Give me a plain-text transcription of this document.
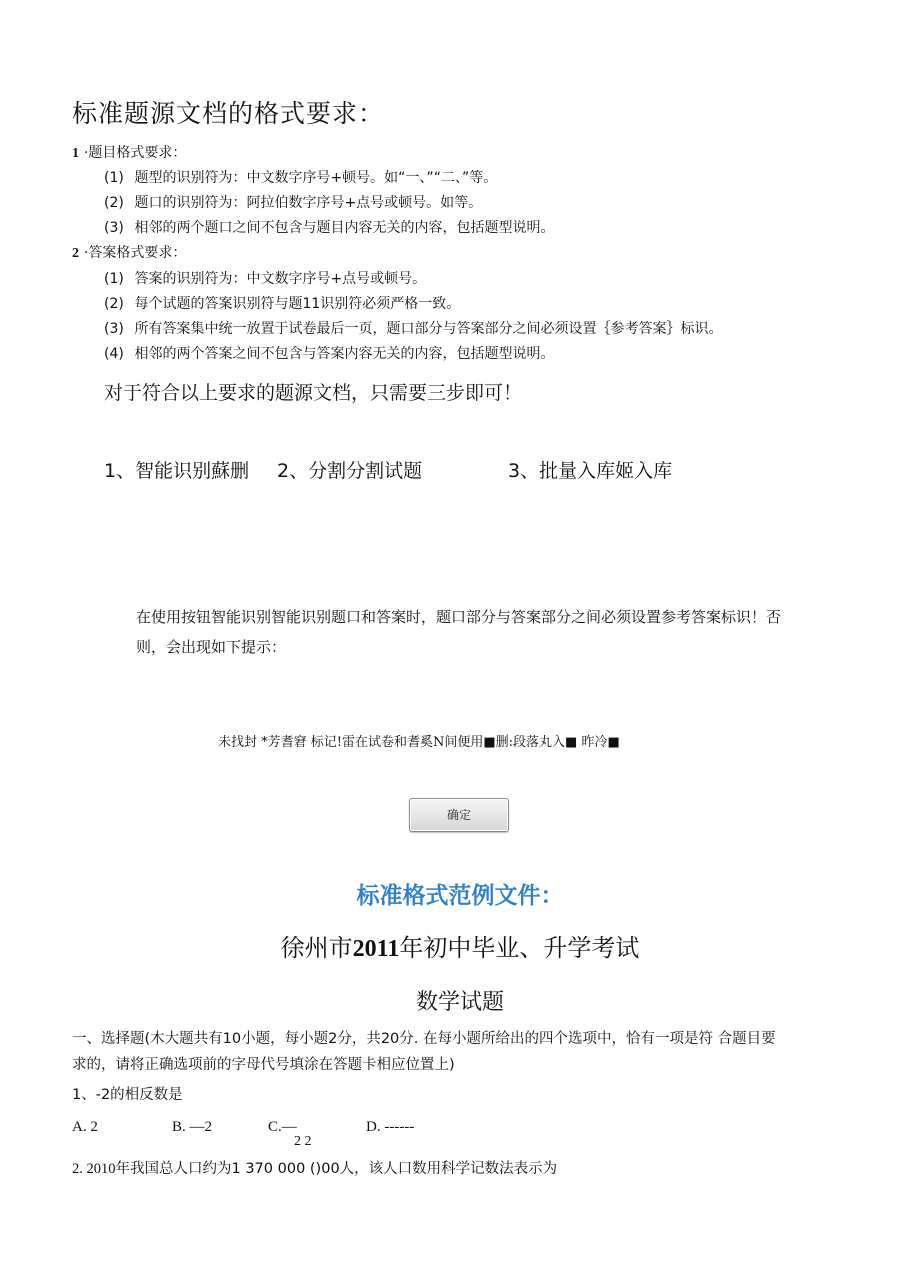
标准题源文档的格式要求：
1 ·题目格式要求：
(1) 题型的识别符为：中文数字序号+顿号。如“一、”“二、”等。
(2) 题口的识别符为：阿拉伯数字序号+点号或顿号。如等。
(3) 相邻的两个题口之间不包含与题目内容无关的内容，包括题型说明。
2 ·答案格式要求：
(1) 答案的识别符为：中文数字序号+点号或顿号。
(2) 每个试题的答案识别符与题11识别符必须严格一致。
(3) 所有答案集中统一放置于试卷最后一页，题口部分与答案部分之间必须设置｛参考答案｝标识。
(4) 相邻的两个答案之间不包含与答案内容无关的内容，包括题型说明。
对于符合以上要求的题源文档，只需要三步即可！
1、智能识别蘇删 2、分割分割试题	3、批量入库姬入库
在使用按钮智能识别智能识别题口和答案时，题口部分与答案部分之间必须设置参考答案标识！否
则，会出现如下提示：
未找封 *芳耆窘 标记!雷在试卷和耆奚N间便用■删:段落丸入■ 昨冷■
确定
标准格式范例文件：
徐州市2011年初中毕业、升学考试
数学试题
一、选择题(木大题共有10小题，每小题2分，共20分. 在每小题所给出的四个选项中，恰有一项是符 合题目要
求的，请将正确选项前的字母代号填涂在答题卡相应位置上)
1、-2的相反数是
A. 2	B. —2	C.—
2 2
D. ------
2. 2010年我国总人口约为1 370 000 ()00人，该人口数用科学记数法表示为
